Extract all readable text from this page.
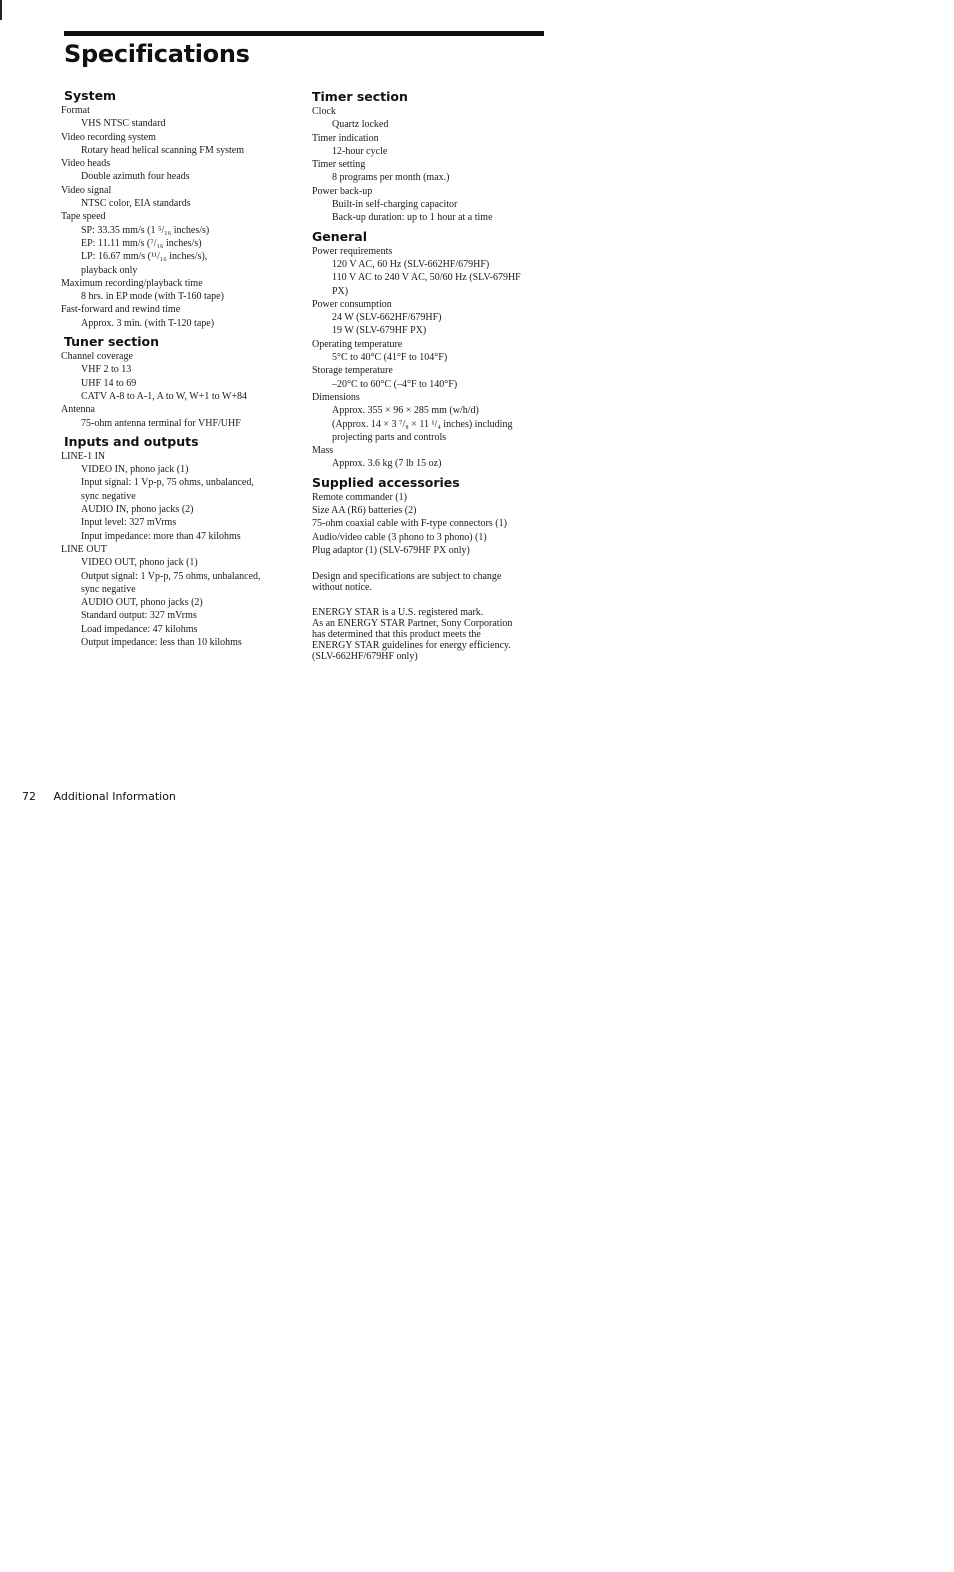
Specifications
System
Format
VHS NTSC standard
Video recording system
Rotary head helical scanning FM system
Video heads
Double azimuth four heads
Video signal
NTSC color, EIA standards
Tape speed
SP: 33.35 mm/s (1 ⁵/₁₆ inches/s)
EP: 11.11 mm/s (⁷/₁₆ inches/s)
LP: 16.67 mm/s (¹¹/₁₆ inches/s),
playback only
Maximum recording/playback time
8 hrs. in EP mode (with T-160 tape)
Fast-forward and rewind time
Approx. 3 min. (with T-120 tape)
Tuner section
Channel coverage
VHF 2 to 13
UHF 14 to 69
CATV A-8 to A-1, A to W, W+1 to W+84
Antenna
75-ohm antenna terminal for VHF/UHF
Inputs and outputs
LINE-1 IN
VIDEO IN, phono jack (1)
Input signal: 1 Vp-p, 75 ohms, unbalanced,
sync negative
AUDIO IN, phono jacks (2)
Input level: 327 mVrms
Input impedance: more than 47 kilohms
LINE OUT
VIDEO OUT, phono jack (1)
Output signal: 1 Vp-p, 75 ohms, unbalanced,
sync negative
AUDIO OUT, phono jacks (2)
Standard output: 327 mVrms
Load impedance: 47 kilohms
Output impedance: less than 10 kilohms
Timer section
Clock
Quartz locked
Timer indication
12-hour cycle
Timer setting
8 programs per month (max.)
Power back-up
Built-in self-charging capacitor
Back-up duration: up to 1 hour at a time
General
Power requirements
120 V AC, 60 Hz (SLV-662HF/679HF)
110 V AC to 240 V AC, 50/60 Hz (SLV-679HF
PX)
Power consumption
24 W (SLV-662HF/679HF)
19 W (SLV-679HF PX)
Operating temperature
5°C to 40°C (41°F to 104°F)
Storage temperature
–20°C to 60°C (–4°F to 140°F)
Dimensions
Approx. 355 × 96 × 285 mm (w/h/d)
(Approx. 14 × 3 ⁷/₈ × 11 ¹/₄ inches) including
projecting parts and controls
Mass
Approx. 3.6 kg (7 lb 15 oz)
Supplied accessories
Remote commander (1)
Size AA (R6) batteries (2)
75-ohm coaxial cable with F-type connectors (1)
Audio/video cable (3 phono to 3 phono) (1)
Plug adaptor (1) (SLV-679HF PX only)
Design and specifications are subject to change
without notice.
ENERGY STAR is a U.S. registered mark.
As an ENERGY STAR Partner, Sony Corporation
has determined that this product meets the
ENERGY STAR guidelines for energy efficiency.
(SLV-662HF/679HF only)
72 Additional Information
